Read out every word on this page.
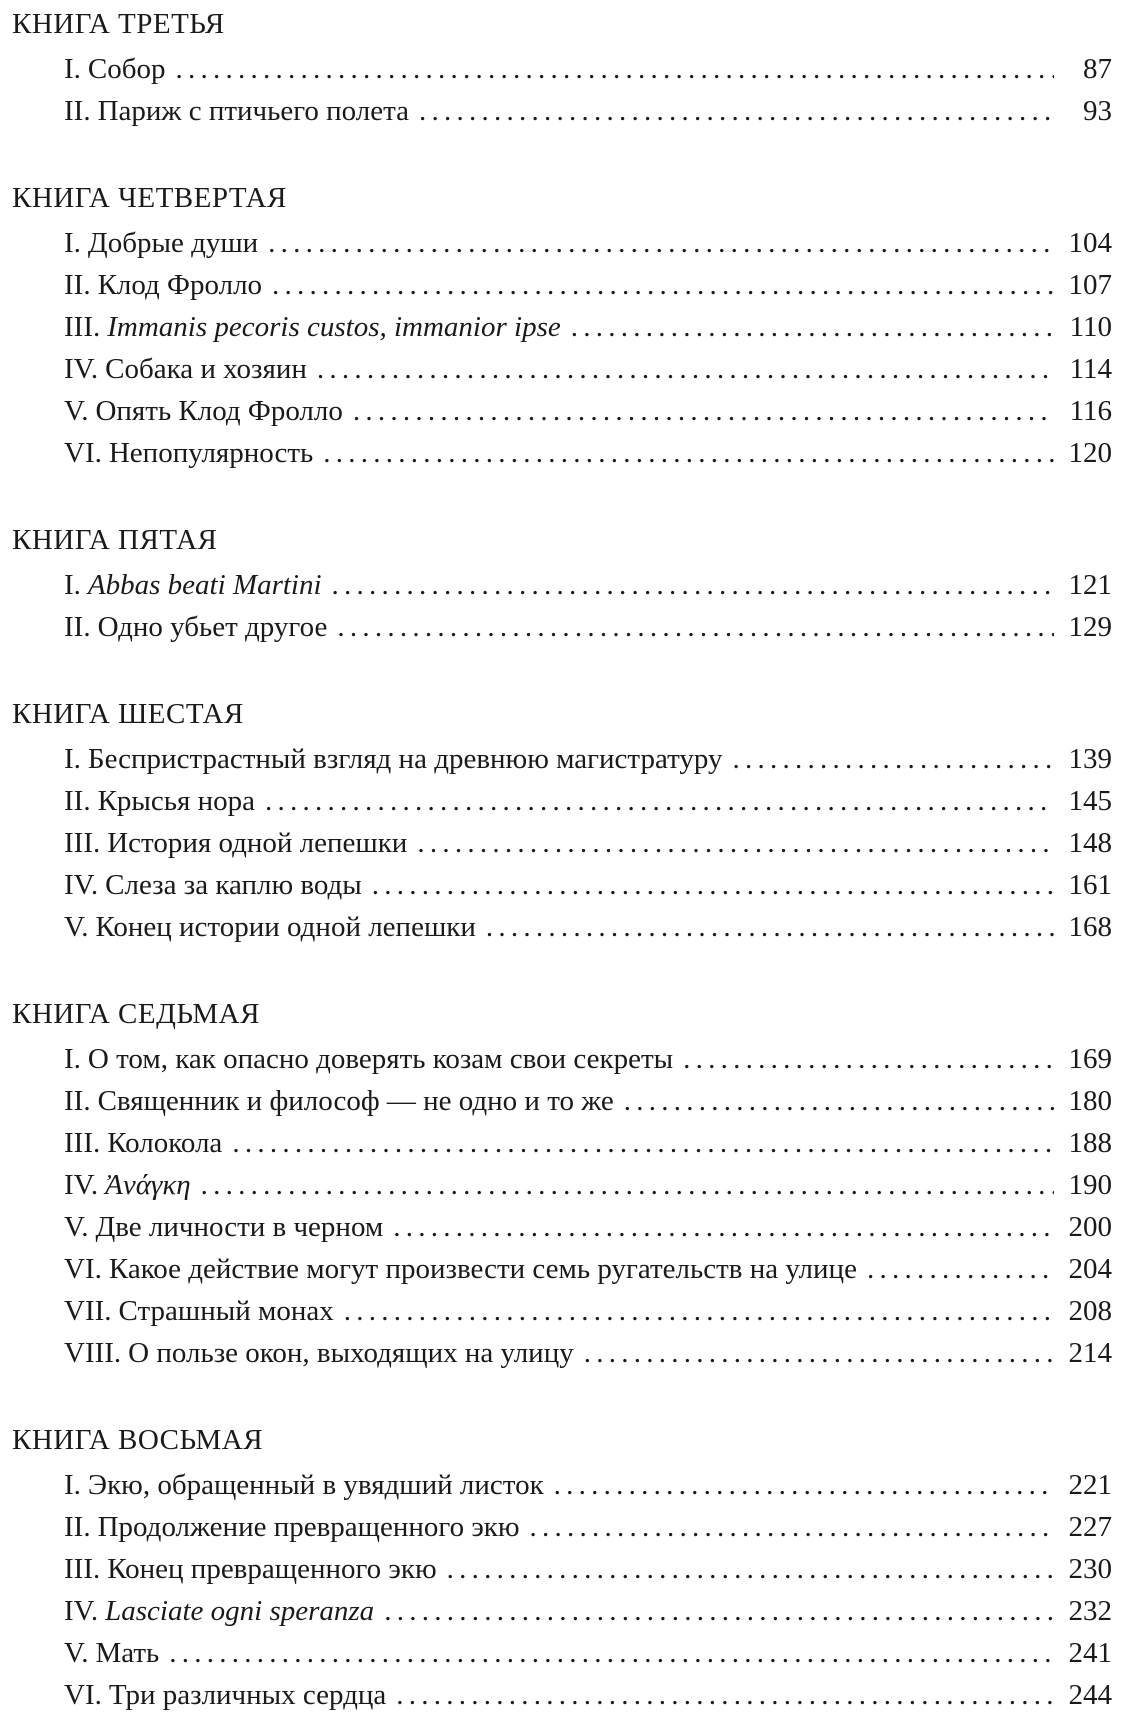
КНИГА ТРЕТЬЯ
I. Собор . . .	87
II. Париж с птичьего полета . . .	93
КНИГА ЧЕТВЕРТАЯ
I. Добрые души . . .	104
II. Клод Фролло . . .	107
III. Immanis pecoris custos, immanior ipse . . .	110
IV. Собака и хозяин . . .	114
V. Опять Клод Фролло . . .	116
VI. Непопулярность . . .	120
КНИГА ПЯТАЯ
I. Abbas beati Martini . . .	121
II. Одно убьет другое . . .	129
КНИГА ШЕСТАЯ
I. Беспристрастный взгляд на древнюю магистратуру . . .	139
II. Крысья нора . . .	145
III. История одной лепешки . . .	148
IV. Слеза за каплю воды . . .	161
V. Конец истории одной лепешки . . .	168
КНИГА СЕДЬМАЯ
I. О том, как опасно доверять козам свои секреты . . .	169
II. Священник и философ — не одно и то же . . .	180
III. Колокола . . .	188
IV. Ἀνάγκη . . .	190
V. Две личности в черном . . .	200
VI. Какое действие могут произвести семь ругательств на улице . . .	204
VII. Страшный монах . . .	208
VIII. О пользе окон, выходящих на улицу . . .	214
КНИГА ВОСЬМАЯ
I. Экю, обращенный в увядший листок . . .	221
II. Продолжение превращенного экю . . .	227
III. Конец превращенного экю . . .	230
IV. Lasciate ogni speranza . . .	232
V. Мать . . .	241
VI. Три различных сердца . . .	244
